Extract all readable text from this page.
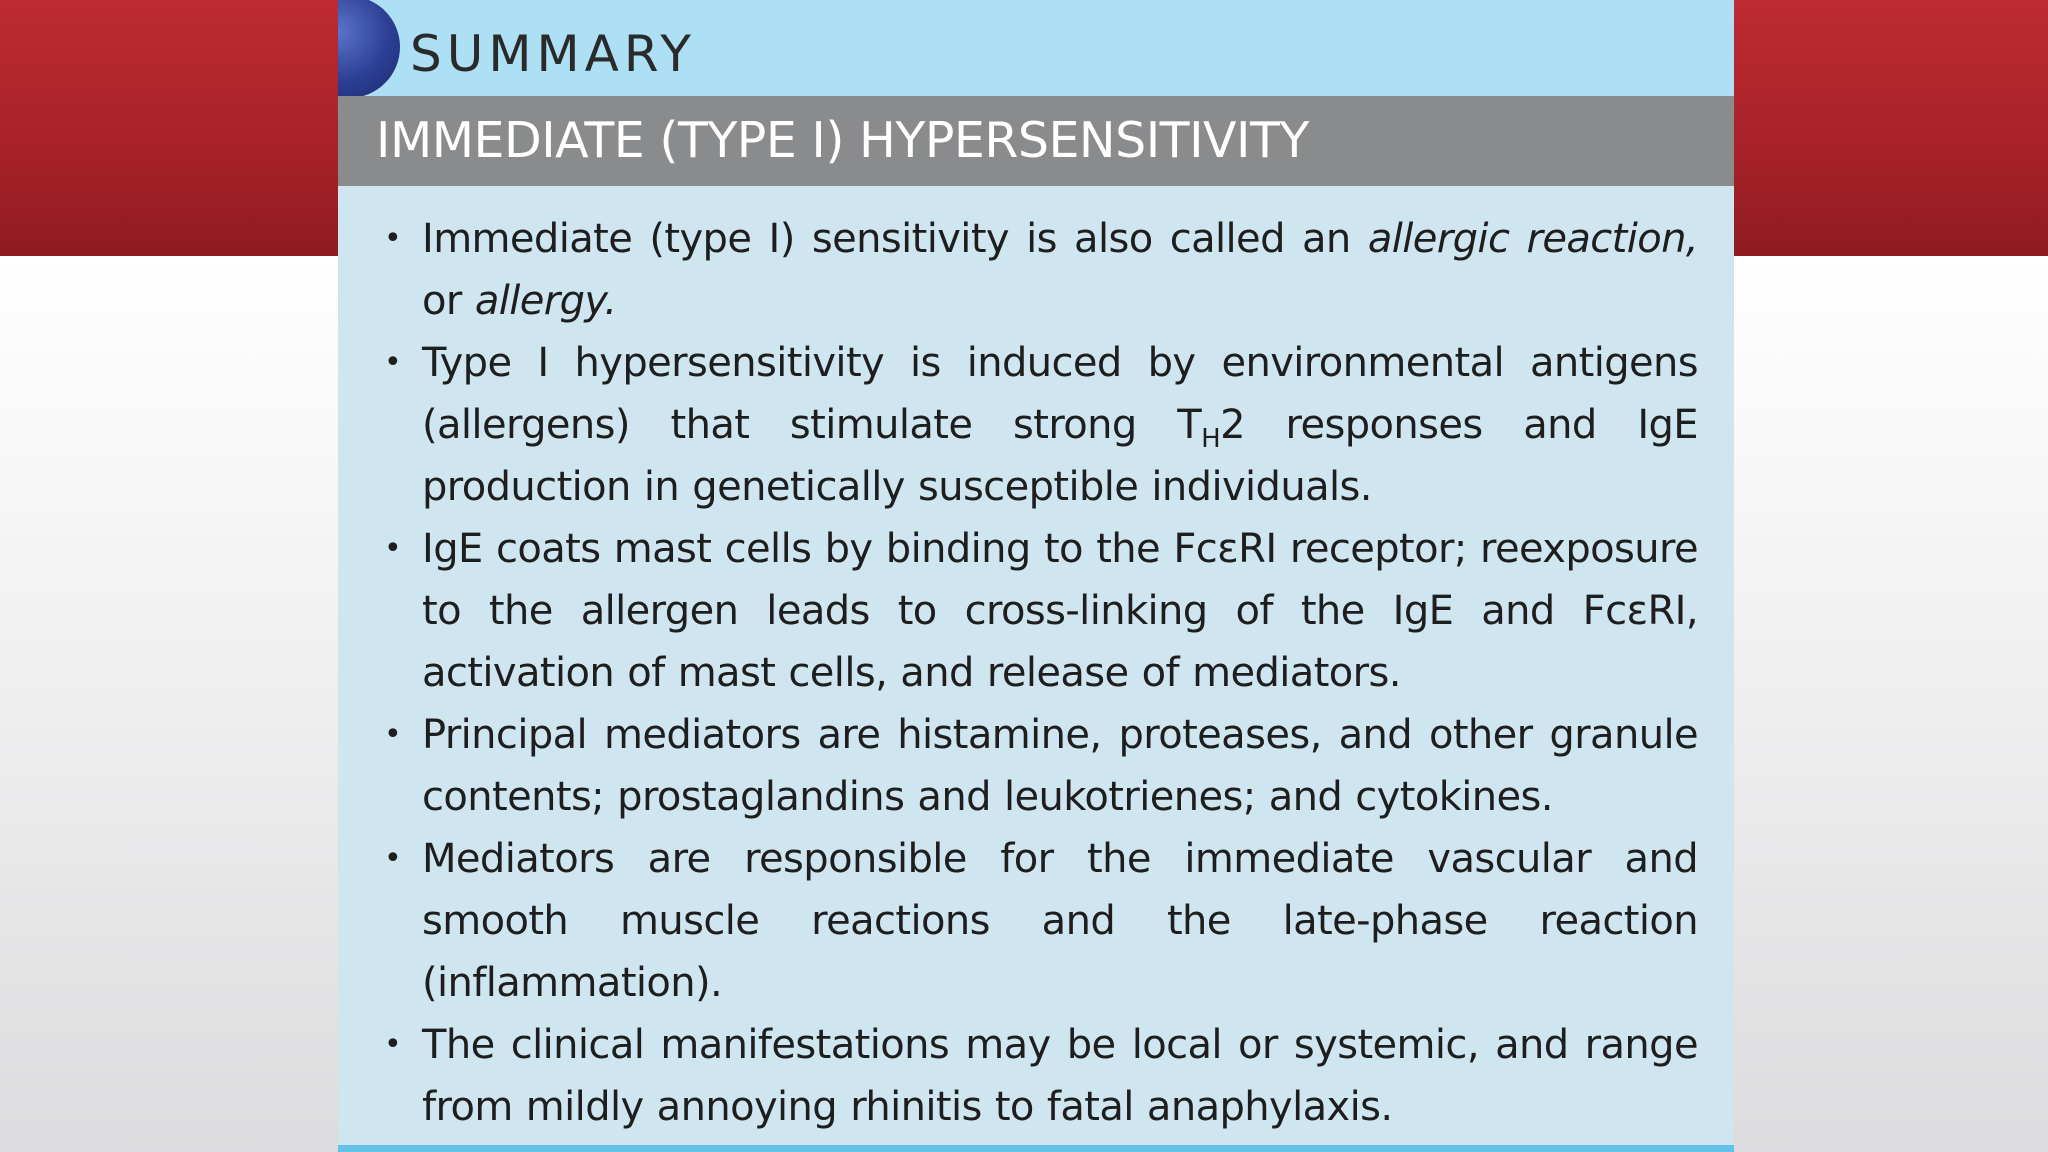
SUMMARY
IMMEDIATE (TYPE I) HYPERSENSITIVITY
• Immediate (type I) sensitivity is also called an allergic reaction, or allergy.
• Type I hypersensitivity is induced by environmental antigens (allergens) that stimulate strong $T_H2$ responses and IgE production in genetically susceptible individuals.
• IgE coats mast cells by binding to the FcεRI receptor; reexposure to the allergen leads to cross-linking of the IgE and FcεRI, activation of mast cells, and release of mediators.
• Principal mediators are histamine, proteases, and other granule contents; prostaglandins and leukotrienes; and cytokines.
• Mediators are responsible for the immediate vascular and smooth muscle reactions and the late-phase reaction (inflammation).
• The clinical manifestations may be local or systemic, and range from mildly annoying rhinitis to fatal anaphylaxis.
